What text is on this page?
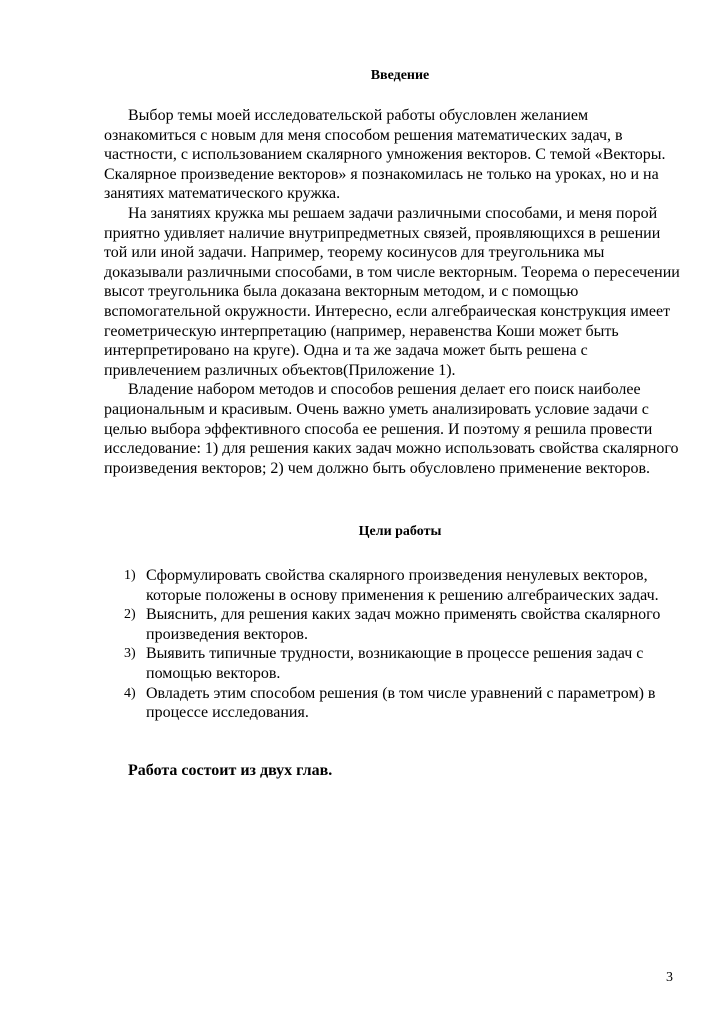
Введение

Выбор темы моей исследовательской работы обусловлен желанием ознакомиться с новым для меня способом решения математических задач, в частности, с использованием скалярного умножения векторов. С темой «Векторы. Скалярное произведение векторов» я познакомилась не только на уроках, но и на занятиях математического кружка.

На занятиях кружка мы решаем задачи различными способами, и меня порой приятно удивляет наличие внутрипредметных связей, проявляющихся в решении той или иной задачи. Например, теорему косинусов для треугольника мы доказывали различными способами, в том числе векторным. Теорема о пересечении высот треугольника была доказана векторным методом, и с помощью вспомогательной окружности. Интересно, если алгебраическая конструкция имеет геометрическую интерпретацию (например, неравенства Коши может быть интерпретировано на круге). Одна и та же задача может быть решена с привлечением различных объектов(Приложение 1).

Владение набором методов и способов решения делает его поиск наиболее рациональным и красивым. Очень важно уметь анализировать условие задачи с целью выбора эффективного способа ее решения. И поэтому я решила провести исследование: 1) для решения каких задач можно использовать свойства скалярного произведения векторов; 2) чем должно быть обусловлено применение векторов.

Цели работы
1) Сформулировать свойства скалярного произведения ненулевых векторов, которые положены в основу применения к решению алгебраических задач.
2) Выяснить, для решения каких задач можно применять свойства скалярного произведения векторов.
3) Выявить типичные трудности, возникающие в процессе решения задач с помощью векторов.
4) Овладеть этим способом решения (в том числе уравнений с параметром) в процессе исследования.
Работа состоит из двух глав.
3
